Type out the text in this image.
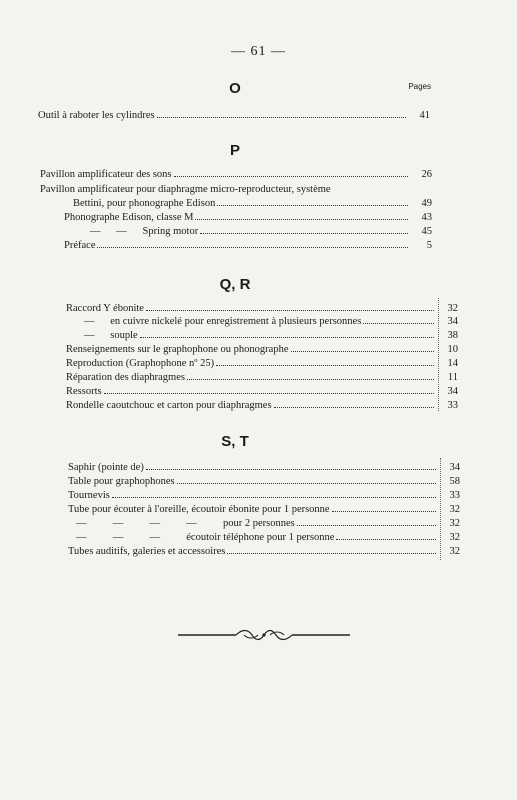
— 61 —
Pages
O
Outil à raboter les cylindres	41
P
Pavillon amplificateur des sons	26
Pavillon amplificateur pour diaphragme micro-reproducteur, système
Bettini, pour phonographe Edison	49
Phonographe Edison, classe M	43
—      —      Spring motor	45
Préface	5
Q, R
Raccord Y ébonite	32
—      en cuivre nickelé pour enregistrement à plusieurs personnes	34
—      souple	38
Renseignements sur le graphophone ou phonographe	10
Reproduction (Graphophone nº 25)	14
Réparation des diaphragmes	11
Ressorts	34
Rondelle caoutchouc et carton pour diaphragmes	33
S, T
Saphir (pointe de)	34
Table pour graphophones	58
Tournevis	33
Tube pour écouter à l'oreille, écoutoir ébonite pour 1 personne	32
—          —          —          —          pour 2 personnes	32
—          —          —          écoutoir téléphone pour 1 personne	32
Tubes auditifs, galeries et accessoires	32
